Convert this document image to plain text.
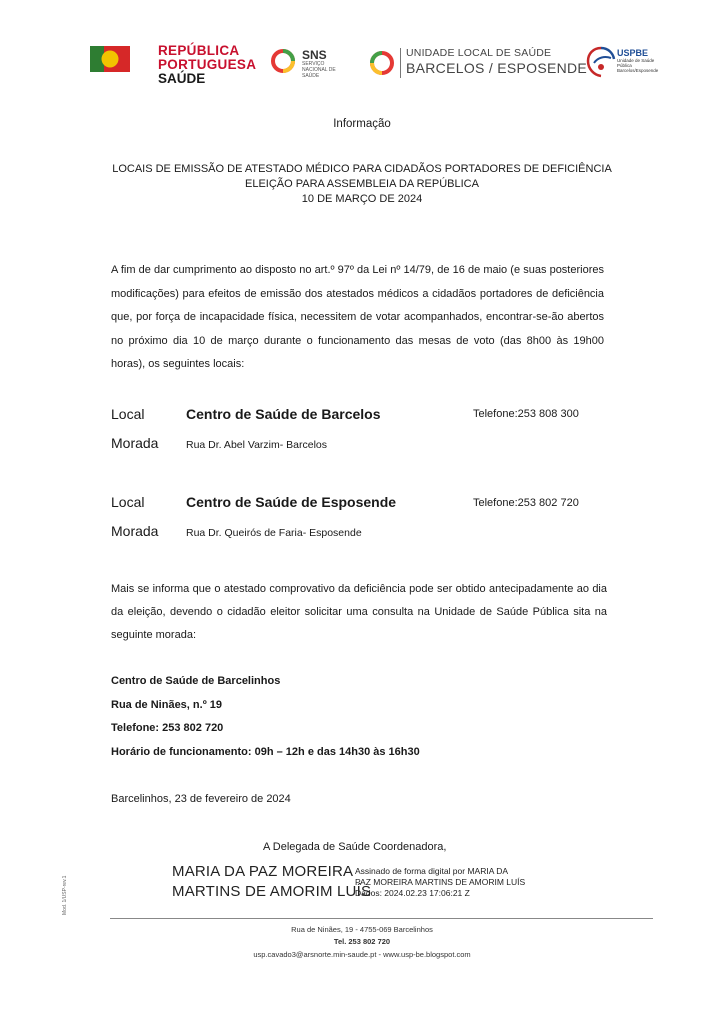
REPÚBLICA
PORTUGUESA
SAÚDE
SNS
SERVIÇO NACIONAL DE SAÚDE
UNIDADE LOCAL DE SAÚDE
BARCELOS / ESPOSENDE
USPBE
Unidade de Saúde Pública Barcelos/Esposende
Informação
LOCAIS DE EMISSÃO DE ATESTADO MÉDICO PARA CIDADÃOS PORTADORES DE DEFICIÊNCIA
ELEIÇÃO PARA ASSEMBLEIA DA REPÚBLICA
10 DE MARÇO DE 2024
A fim de dar cumprimento ao disposto no art.º 97º da Lei nº 14/79, de 16 de maio (e suas posteriores modificações) para efeitos de emissão dos atestados médicos a cidadãos portadores de deficiência que, por força de incapacidade física, necessitem de votar acompanhados, encontrar-se-ão abertos no próximo dia 10 de março durante o funcionamento das mesas de voto (das 8h00 às 19h00 horas), os seguintes locais:
Local	Centro de Saúde de Barcelos	Telefone:253 808 300
Morada	Rua Dr. Abel Varzim- Barcelos
Local	Centro de Saúde de Esposende	Telefone:253 802 720
Morada	Rua Dr. Queirós de Faria- Esposende
Mais se informa que o atestado comprovativo da deficiência pode ser obtido antecipadamente ao dia da eleição, devendo o cidadão eleitor solicitar uma consulta na Unidade de Saúde Pública sita na seguinte morada:
Centro de Saúde de Barcelinhos
Rua de Ninães, n.º 19
Telefone: 253 802 720
Horário de funcionamento: 09h – 12h e das 14h30 às 16h30
Barcelinhos, 23 de fevereiro de 2024
A Delegada de Saúde Coordenadora,
MARIA DA PAZ MOREIRA
MARTINS DE AMORIM LUÍS
Assinado de forma digital por MARIA DA
PAZ MOREIRA MARTINS DE AMORIM LUÍS
Dados: 2024.02.23 17:06:21 Z
Rua de Ninães, 19 - 4755-069 Barcelinhos
Tel. 253 802 720
usp.cavado3@arsnorte.min-saude.pt - www.usp-be.blogspot.com
Mod. 1/USP-rev.1
